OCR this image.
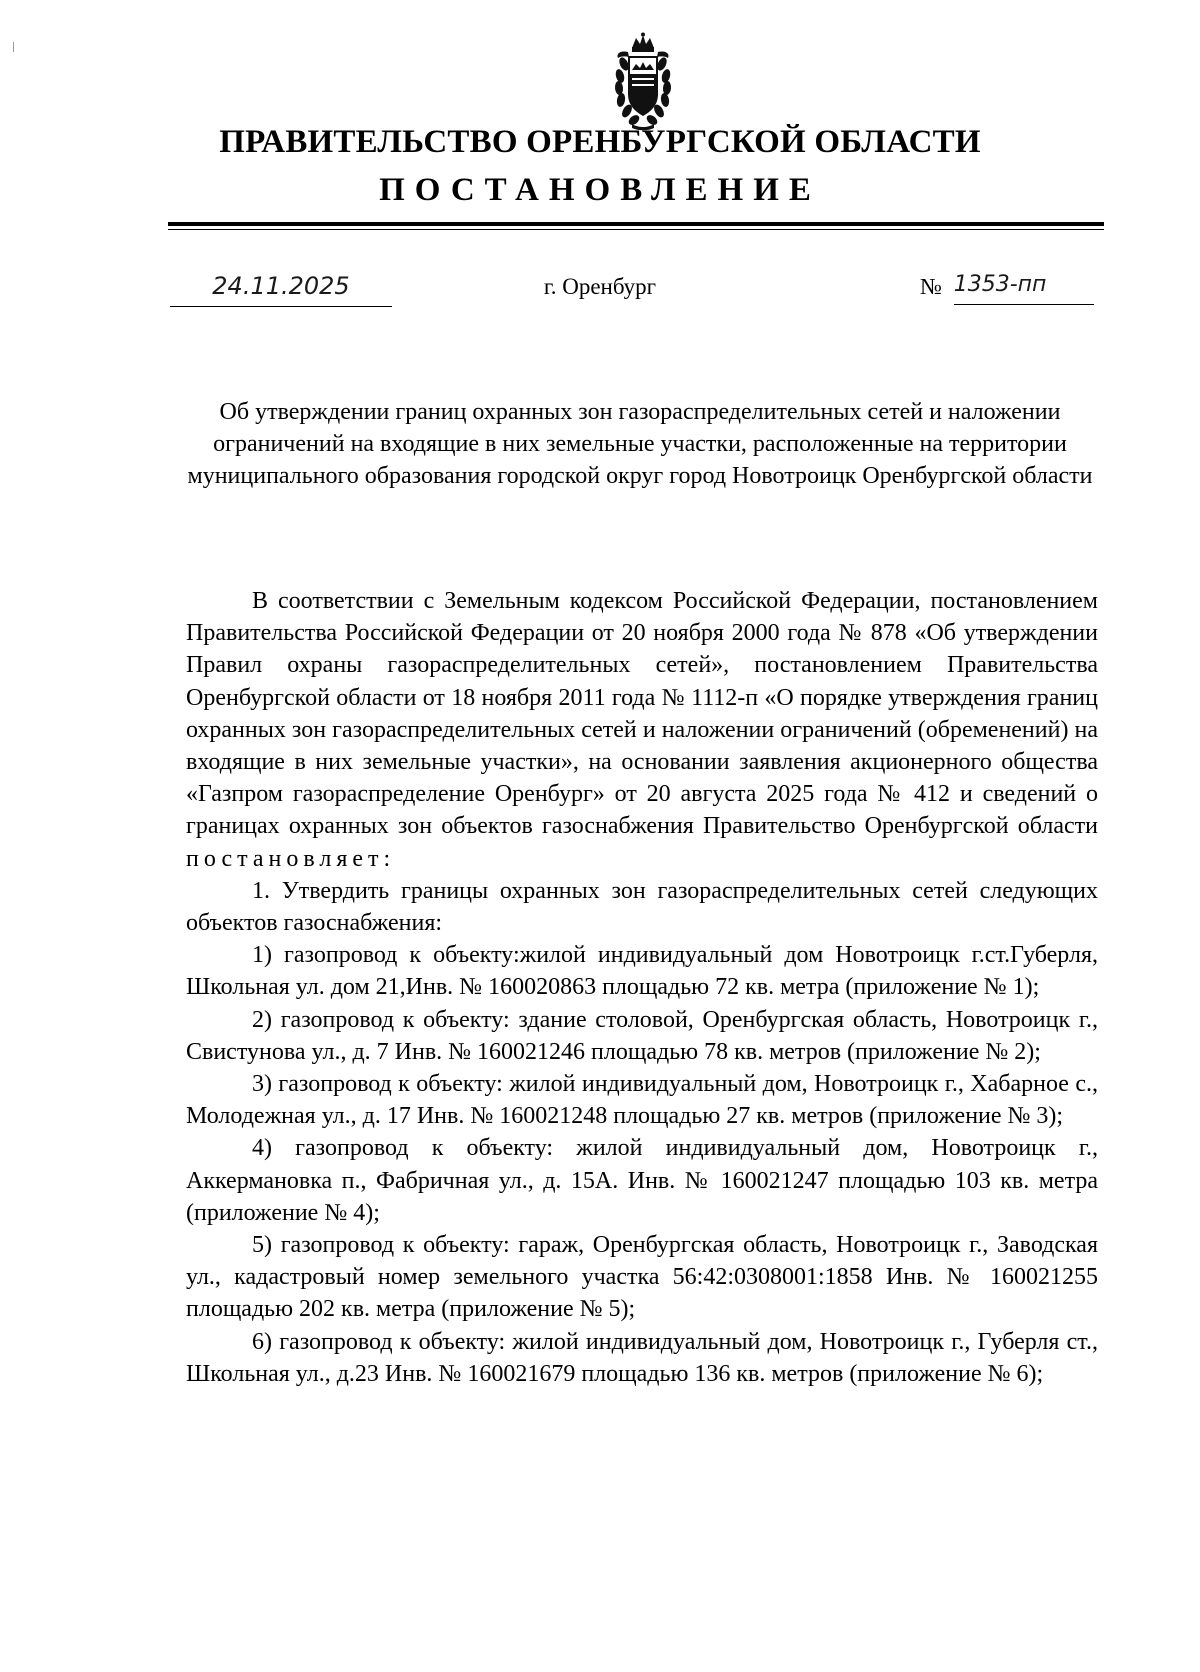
ПРАВИТЕЛЬСТВО ОРЕНБУРГСКОЙ ОБЛАСТИ
ПОСТАНОВЛЕНИЕ
24.11.2025	г. Оренбург	№ 1353-пп

Об утверждении границ охранных зон газораспределительных сетей и наложении ограничений на входящие в них земельные участки, расположенные на территории муниципального образования городской округ город Новотроицк Оренбургской области

В соответствии с Земельным кодексом Российской Федерации, постановлением Правительства Российской Федерации от 20 ноября 2000 года № 878 «Об утверждении Правил охраны газораспределительных сетей», постановлением Правительства Оренбургской области от 18 ноября 2011 года № 1112-п «О порядке утверждения границ охранных зон газораспределительных сетей и наложении ограничений (обременений) на входящие в них земельные участки», на основании заявления акционерного общества «Газпром газораспределение Оренбург» от 20 августа 2025 года № 412 и сведений о границах охранных зон объектов газоснабжения Правительство Оренбургской области постановляет:

1. Утвердить границы охранных зон газораспределительных сетей следующих объектов газоснабжения:

1) газопровод к объекту:жилой индивидуальный дом Новотроицк г.ст.Губерля, Школьная ул. дом 21,Инв. № 160020863 площадью 72 кв. метра (приложение № 1);

2) газопровод к объекту: здание столовой, Оренбургская область, Новотроицк г., Свистунова ул., д. 7 Инв. № 160021246 площадью 78 кв. метров (приложение № 2);

3) газопровод к объекту: жилой индивидуальный дом, Новотроицк г., Хабарное с., Молодежная ул., д. 17 Инв. № 160021248 площадью 27 кв. метров (приложение № 3);

4) газопровод к объекту: жилой индивидуальный дом, Новотроицк г., Аккермановка п., Фабричная ул., д. 15А. Инв. № 160021247 площадью 103 кв. метра (приложение № 4);

5) газопровод к объекту: гараж, Оренбургская область, Новотроицк г., Заводская ул., кадастровый номер земельного участка 56:42:0308001:1858 Инв. № 160021255 площадью 202 кв. метра (приложение № 5);

6) газопровод к объекту: жилой индивидуальный дом, Новотроицк г., Губерля ст., Школьная ул., д.23 Инв. № 160021679 площадью 136 кв. метров (приложение № 6);
